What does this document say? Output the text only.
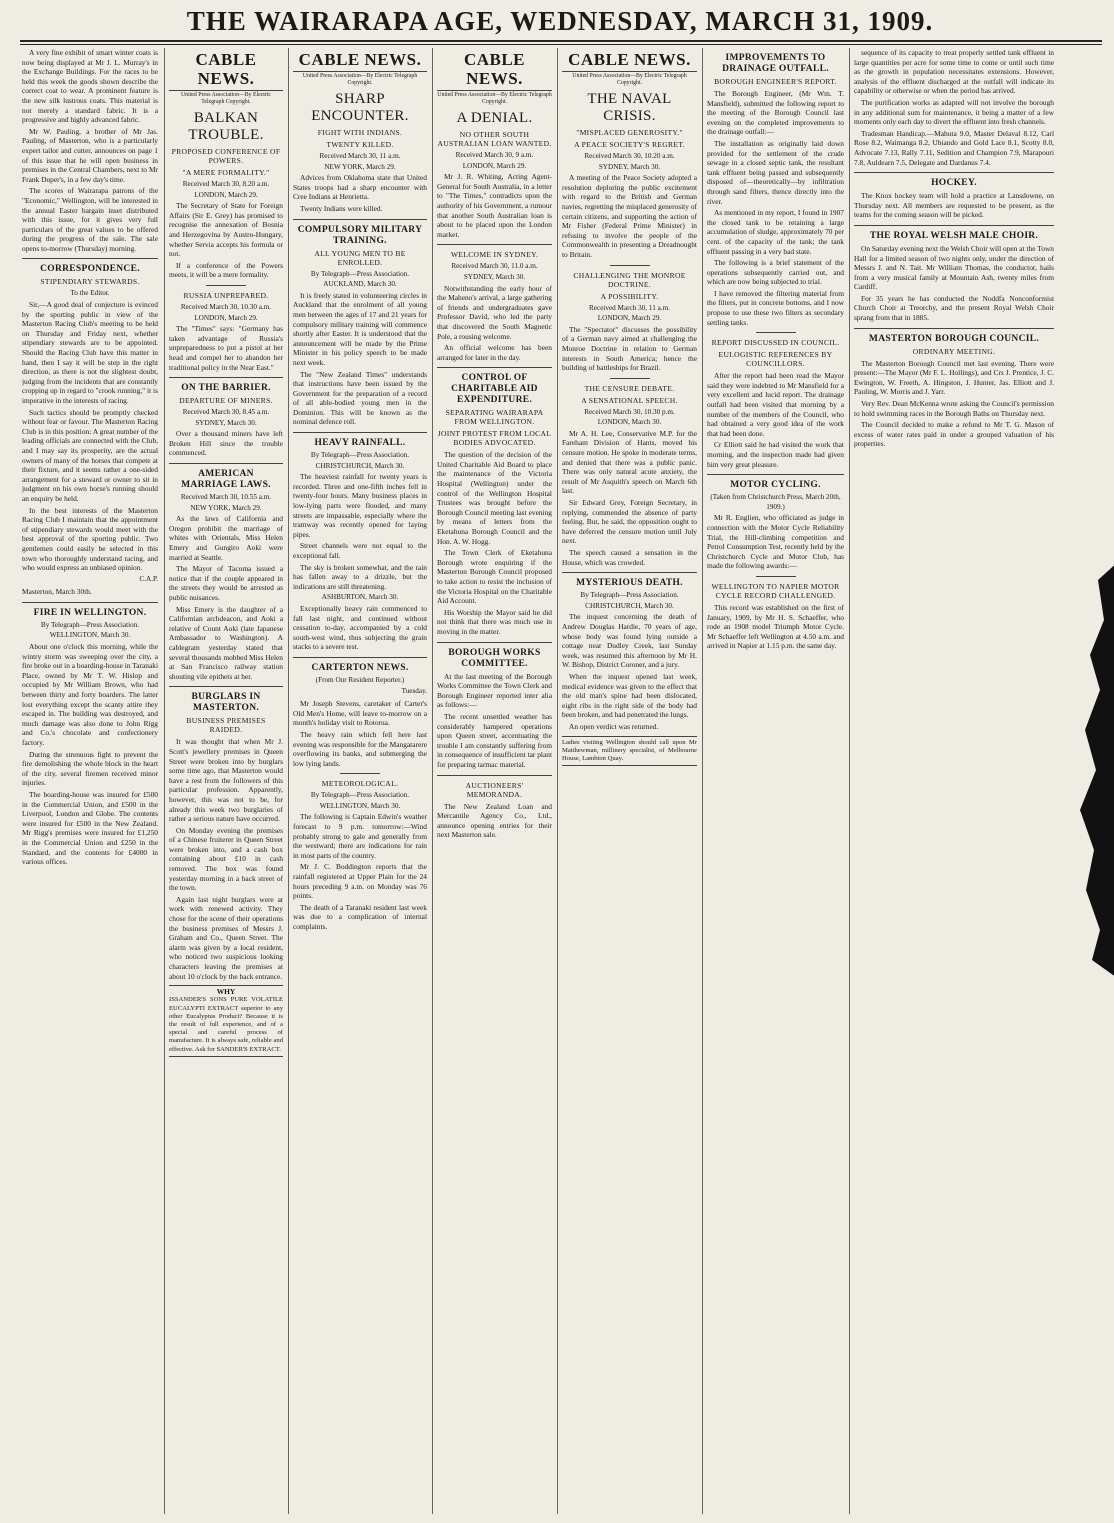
THE WAIRARAPA AGE, WEDNESDAY, MARCH 31, 1909.

A very fine exhibit of smart winter coats is now being displayed at Mr J. L. Murray's in the Exchange Buildings. For the races to be held this week the goods shown describe the correct coat to wear. A prominent feature is the new silk lustrous coats. This material is not merely a standard fabric. It is a progressive and highly advanced fabric.

Mr W. Pauling, a brother of Mr Jas. Pauling, of Masterton, who is a particularly expert tailor and cutter, announces on page 1 of this issue that he will open business in premises in the Central Chambers, next to Mr Frank Duper's, in a few day's time.

The scores of Wairarapa patrons of the "Economic," Wellington, will be interested in the annual Easter bargain inset distributed with this issue, for it gives very full particulars of the great values to be offered during the progress of the sale. The sale opens to-morrow (Thursday) morning.

CORRESPONDENCE.
STIPENDIARY STEWARDS.
To the Editor.

Sir,—A good deal of conjecture is evinced by the sporting public in view of the Masterton Racing Club's meeting to be held on Thursday and Friday next, whether stipendiary stewards are to be appointed. Should the Racing Club have this matter in hand, then I say it will be step in the right direction, as there is not the slightest doubt, judging from the incidents that are constantly cropping up in regard to "crook running," it is imperative in the interests of racing.

Such tactics should be promptly checked without fear or favour. The Masterton Racing Club is in this position: A great number of the leading officials are connected with the Club, and I may say its prosperity, are the actual owners of many of the horses that compete at their fixture, and it seems rather a one-sided arrangement for a steward or owner to sit in judgment on his own horse's running should an enquiry be held.

In the best interests of the Masterton Racing Club I maintain that the appointment of stipendiary stewards would meet with the best approval of the sporting public. Two gentlemen could easily be selected in this town who thoroughly understand racing, and who would express an unbiased opinion.

C.A.P.

Masterton, March 30th.

FIRE IN WELLINGTON.
By Telegraph—Press Association.
WELLINGTON, March 30.

About one o'clock this morning, while the wintry storm was sweeping over the city, a fire broke out in a boarding-house in Taranaki Place, owned by Mr T. W. Hislop and occupied by Mr William Brown, who had between thirty and forty boarders. The latter lost everything except the scanty attire they escaped in. The building was destroyed, and much damage was also done to John Rigg and Co.'s chocolate and confectionery factory.

During the strenuous fight to prevent the fire demolishing the whole block in the heart of the city, several firemen received minor injuries.

The boarding-house was insured for £500 in the Commercial Union, and £500 in the Liverpool, London and Globe. The contents were insured for £500 in the New Zealand. Mr Rigg's premises were insured for £1,250 in the Commercial Union and £250 in the Standard, and the contents for £4000 in various offices.

CABLE NEWS.
United Press Association—By Electric Telegraph Copyright.
BALKAN TROUBLE.
PROPOSED CONFERENCE OF POWERS.
"A MERE FORMALITY."
Received March 30, 8.20 a.m.
LONDON, March 29.

The Secretary of State for Foreign Affairs (Sir E. Grey) has promised to recognise the annexation of Bosnia and Herzegovina by Austro-Hungary, whether Servia accepts his formula or not.

If a conference of the Powers meets, it will be a mere formality.

RUSSIA UNPREPARED.
Received March 30, 10.30 a.m.
LONDON, March 29.

The "Times" says: "Germany has taken advantage of Russia's unpreparedness to put a pistol at her head and compel her to abandon her traditional policy in the Near East."

ON THE BARRIER.
DEPARTURE OF MINERS.
Received March 30, 8.45 a.m.
SYDNEY, March 30.

Over a thousand miners have left Broken Hill since the trouble commenced.

AMERICAN MARRIAGE LAWS.
Received March 30, 10.55 a.m.
NEW YORK, March 29.

As the laws of California and Oregon prohibit the marriage of whites with Orientals, Miss Helen Emery and Gungiro Aoki were married at Seattle.

The Mayor of Tacoma issued a notice that if the couple appeared in the streets they would be arrested as public nuisances.

Miss Emery is the daughter of a Californian archdeacon, and Aoki a relative of Count Aoki (late Japanese Ambassador to Washington). A cablegram yesterday stated that several thousands mobbed Miss Helen at San Francisco railway station shouting vile epithets at her.

BURGLARS IN MASTERTON.
BUSINESS PREMISES RAIDED.

It was thought that when Mr J. Scott's jewellery premises in Queen Street were broken into by burglars some time ago, that Masterton would have a rest from the followers of this particular profession. Apparently, however, this was not to be, for already this week two burglaries of rather a serious nature have occurred.

On Monday evening the premises of a Chinese fruiterer in Queen Street were broken into, and a cash box containing about £10 in cash removed. The box was found yesterday morning in a back street of the town.

Again last night burglars were at work with renewed activity. They chose for the scene of their operations the business premises of Messrs J. Graham and Co., Queen Street. The alarm was given by a local resident, who noticed two suspicious looking characters leaving the premises at about 10 o'clock by the back entrance.

WHY
ISSANDER'S SONS PURE VOLATILE EUCALYPTI EXTRACT superior to any other Eucalyptus Product? Because it is the result of full experience, and of a special and careful process of manufacture. It is always safe, reliable and effective. Ask for SANDER'S EXTRACT.
CABLE NEWS.
United Press Association—By Electric Telegraph Copyright.
SHARP ENCOUNTER.
FIGHT WITH INDIANS.
TWENTY KILLED.
Received March 30, 11 a.m.
NEW YORK, March 29.

Advices from Oklahoma state that United States troops had a sharp encounter with Cree Indians at Henrietta.

Twenty Indians were killed.

COMPULSORY MILITARY TRAINING.
ALL YOUNG MEN TO BE ENROLLED.
By Telegraph—Press Association.
AUCKLAND, March 30.

It is freely stated in volunteering circles in Auckland that the enrolment of all young men between the ages of 17 and 21 years for compulsory military training will commence shortly after Easter. It is understood that the announcement will be made by the Prime Minister in his policy speech to be made next week.

The "New Zealand Times" understands that instructions have been issued by the Government for the preparation of a record of all able-bodied young men in the Dominion. This will be known as the nominal defence roll.

HEAVY RAINFALL.
By Telegraph—Press Association.
CHRISTCHURCH, March 30.

The heaviest rainfall for twenty years is recorded. Three and one-fifth inches fell in twenty-four hours. Many business places in low-lying parts were flooded, and many streets are impassable, especially where the tramway was recently opened for laying pipes.

Street channels were not equal to the exceptional fall.

The sky is broken somewhat, and the rain has fallen away to a drizzle, but the indications are still threatening.

ASHBURTON, March 30.

Exceptionally heavy rain commenced to fall last night, and continued without cessation to-day, accompanied by a cold south-west wind, thus subjecting the grain stacks to a severe test.

CARTERTON NEWS.
(From Our Resident Reporter.)
Tuesday.

Mr Joseph Stevens, caretaker of Carter's Old Men's Home, will leave to-morrow on a month's holiday visit to Rotorua.

The heavy rain which fell here last evening was responsible for the Mangatarere overflowing its banks, and submerging the low lying lands.

METEOROLOGICAL.
By Telegraph—Press Association.
WELLINGTON, March 30.

The following is Captain Edwin's weather forecast to 9 p.m. tomorrow:—Wind probably strong to gale and generally from the westward; there are indications for rain in most parts of the country.

Mr J. C. Boddington reports that the rainfall registered at Upper Plain for the 24 hours preceding 9 a.m. on Monday was 76 points.

The death of a Taranaki resident last week was due to a complication of internal complaints.

CABLE NEWS.
United Press Association—By Electric Telegraph Copyright.
A DENIAL.
NO OTHER SOUTH AUSTRALIAN LOAN WANTED.
Received March 30, 9 a.m.
LONDON, March 29.

Mr J. R. Whiting, Acting Agent-General for South Australia, in a letter to "The Times," contradicts upon the authority of his Government, a rumour that another South Australian loan is about to be placed upon the London market.

WELCOME IN SYDNEY.
Received March 30, 11.0 a.m.
SYDNEY, March 30.

Notwithstanding the early hour of the Maheno's arrival, a large gathering of friends and undergraduates gave Professor David, who led the party that discovered the South Magnetic Pole, a rousing welcome.

An official welcome has been arranged for later in the day.

CONTROL OF CHARITABLE AID EXPENDITURE.
SEPARATING WAIRARAPA FROM WELLINGTON.
JOINT PROTEST FROM LOCAL BODIES ADVOCATED.

The question of the decision of the United Charitable Aid Board to place the maintenance of the Victoria Hospital (Wellington) under the control of the Wellington Hospital Trustees was brought before the Borough Council meeting last evening by means of letters from the Eketahuna Borough Council and the Hon. A. W. Hogg.

The Town Clerk of Eketahuna Borough wrote enquiring if the Masterton Borough Council proposed to take action to resist the inclusion of the Victoria Hospital on the Charitable Aid Account.

His Worship the Mayor said he did not think that there was much use in moving in the matter.

BOROUGH WORKS COMMITTEE.

At the last meeting of the Borough Works Committee the Town Clerk and Borough Engineer reported inter alia as follows:—

The recent unsettled weather has considerably hampered operations upon Queen street, accentuating the trouble I am constantly suffering from in consequence of insufficient tar plant for preparing tarmac material.

AUCTIONEERS' MEMORANDA.

The New Zealand Loan and Mercantile Agency Co., Ltd., announce opening entries for their next Masterton sale.

CABLE NEWS.
United Press Association—By Electric Telegraph Copyright.
THE NAVAL CRISIS.
"MISPLACED GENEROSITY."
A PEACE SOCIETY'S REGRET.
Received March 30, 10.20 a.m.
SYDNEY, March 30.

A meeting of the Peace Society adopted a resolution deploring the public excitement with regard to the British and German navies, regretting the misplaced generosity of certain citizens, and supporting the action of Mr Fisher (Federal Prime Minister) in refusing to involve the people of the Commonwealth in presenting a Dreadnought to Britain.

CHALLENGING THE MONROE DOCTRINE.
A POSSIBILITY.
Received March 30, 11 a.m.
LONDON, March 29.

The "Spectator" discusses the possibility of a German navy aimed at challenging the Monroe Doctrine in relation to German interests in South America; hence the building of battleships for Brazil.

THE CENSURE DEBATE.
A SENSATIONAL SPEECH.
Received March 30, 10.30 p.m.
LONDON, March 30.

Mr A. H. Lee, Conservative M.P. for the Fareham Division of Hants, moved his censure motion. He spoke in moderate terms, and denied that there was a public panic. There was only natural acute anxiety, the result of Mr Asquith's speech on March 6th last.

Sir Edward Grey, Foreign Secretary, in replying, commended the absence of party feeling. But, he said, the opposition ought to have deferred the censure motion until July next.

The speech caused a sensation in the House, which was crowded.

MYSTERIOUS DEATH.
By Telegraph—Press Association.
CHRISTCHURCH, March 30.

The inquest concerning the death of Andrew Douglas Hardie, 70 years of age, whose body was found lying outside a cottage near Dudley Creek, last Sunday week, was resumed this afternoon by Mr H. W. Bishop, District Coroner, and a jury.

When the inquest opened last week, medical evidence was given to the effect that the old man's spine had been dislocated, eight ribs in the right side of the body had been broken, and had penetrated the lungs.

An open verdict was returned.

Ladies visiting Wellington should call upon Mr Matthewman, millinery specialist, of Melbourne House, Lambton Quay.
IMPROVEMENTS TO DRAINAGE OUTFALL.
BOROUGH ENGINEER'S REPORT.

The Borough Engineer, (Mr Wm. T. Mansfield), submitted the following report to the meeting of the Borough Council last evening on the completed improvements to the drainage outfall:—

The installation as originally laid down provided for the settlement of the crude sewage in a closed septic tank, the resultant tank effluent being passed and subsequently disposed of—theoretically—by infiltration through sand filters, thence directly into the river.

As mentioned in my report, I found in 1907 the closed tank to be retaining a large accumulation of sludge, approximately 70 per cent. of the capacity of the tank; the tank effluent passing in a very bad state.

The following is a brief statement of the operations subsequently carried out, and which are now being subjected to trial.

I have removed the filtering material from the filters, put in concrete bottoms, and I now propose to use these two filters as secondary settling tanks.

REPORT DISCUSSED IN COUNCIL.
EULOGISTIC REFERENCES BY COUNCILLORS.

After the report had been read the Mayor said they were indebted to Mr Mansfield for a very excellent and lucid report. The drainage outfall had been visited that morning by a number of the members of the Council, who had obtained a very good idea of the work that had been done.

Cr Elliott said he had visited the work that morning, and the inspection made had given him very great pleasure.

MOTOR CYCLING.
(Taken from Christchurch Press, March 20th, 1909.)

Mr R. Englien, who officiated as judge in connection with the Motor Cycle Reliability Trial, the Hill-climbing competition and Petrol Consumption Test, recently held by the Christchurch Cycle and Motor Club, has made the following awards:—

WELLINGTON TO NAPIER MOTOR CYCLE RECORD CHALLENGED.

This record was established on the first of January, 1909, by Mr H. S. Schaeffer, who rode an 1908 model Triumph Motor Cycle. Mr Schaeffer left Wellington at 4.50 a.m. and arrived in Napier at 1.15 p.m. the same day.

sequence of its capacity to treat properly settled tank effluent in large quantities per acre for some time to come or until such time as the growth in population necessitates extensions. However, analysis of the effluent discharged at the outfall will indicate its capability or otherwise or when the period has arrived.

The purification works as adapted will not involve the borough in any additional sum for maintenance, it being a matter of a few moments only each day to divert the effluent into fresh channels.

Tradesman Handicap.—Mahuta 9.0, Master Delaval 8.12, Carl Rose 8.2, Waimanga 8.2, Ubiando and Gold Lace 8.1, Scotty 8.0, Advocate 7.13, Rally 7.11, Sedition and Champion 7.9, Marapouri 7.8, Auldearn 7.5, Delegate and Dardanus 7.4.

HOCKEY.

The Knox hockey team will hold a practice at Lansdowne, on Thursday next. All members are requested to be present, as the teams for the coming season will be picked.

THE ROYAL WELSH MALE CHOIR.

On Saturday evening next the Welsh Choir will open at the Town Hall for a limited season of two nights only, under the direction of Messrs J. and N. Tait. Mr William Thomas, the conductor, hails from a very musical family at Mountain Ash, twenty miles from Cardiff.

For 35 years he has conducted the Noddfa Nonconformist Church Choir at Treorchy, and the present Royal Welsh Choir sprang from that in 1885.

MASTERTON BOROUGH COUNCIL.
ORDINARY MEETING.

The Masterton Borough Council met last evening. There were present:—The Mayor (Mr F. L. Hollings), and Crs J. Prentice, J. C. Ewington, W. Freeth, A. Hingston, J. Hunter, Jas. Elliott and J. Pauling, W. Morris and J. Yarr.

Very Rev. Dean McKenna wrote asking the Council's permission to hold swimming races in the Borough Baths on Thursday next.

The Council decided to make a refund to Mr T. G. Mason of excess of water rates paid in under a grouped valuation of his properties.
